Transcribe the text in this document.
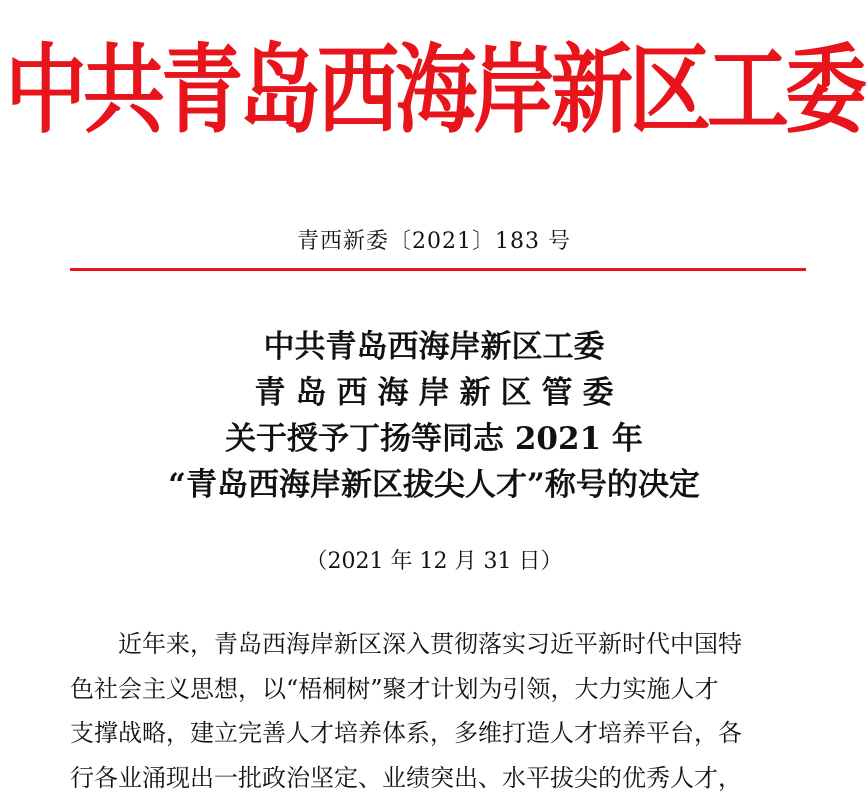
中共青岛西海岸新区工委
青西新委〔2021〕183 号
中共青岛西海岸新区工委
青岛西海岸新区管委
关于授予丁扬等同志 2021 年
“青岛西海岸新区拔尖人才”称号的决定
（2021 年 12 月 31 日）
近年来，青岛西海岸新区深入贯彻落实习近平新时代中国特
色社会主义思想，以“梧桐树”聚才计划为引领，大力实施人才
支撑战略，建立完善人才培养体系，多维打造人才培养平台，各
行各业涌现出一批政治坚定、业绩突出、水平拔尖的优秀人才，
